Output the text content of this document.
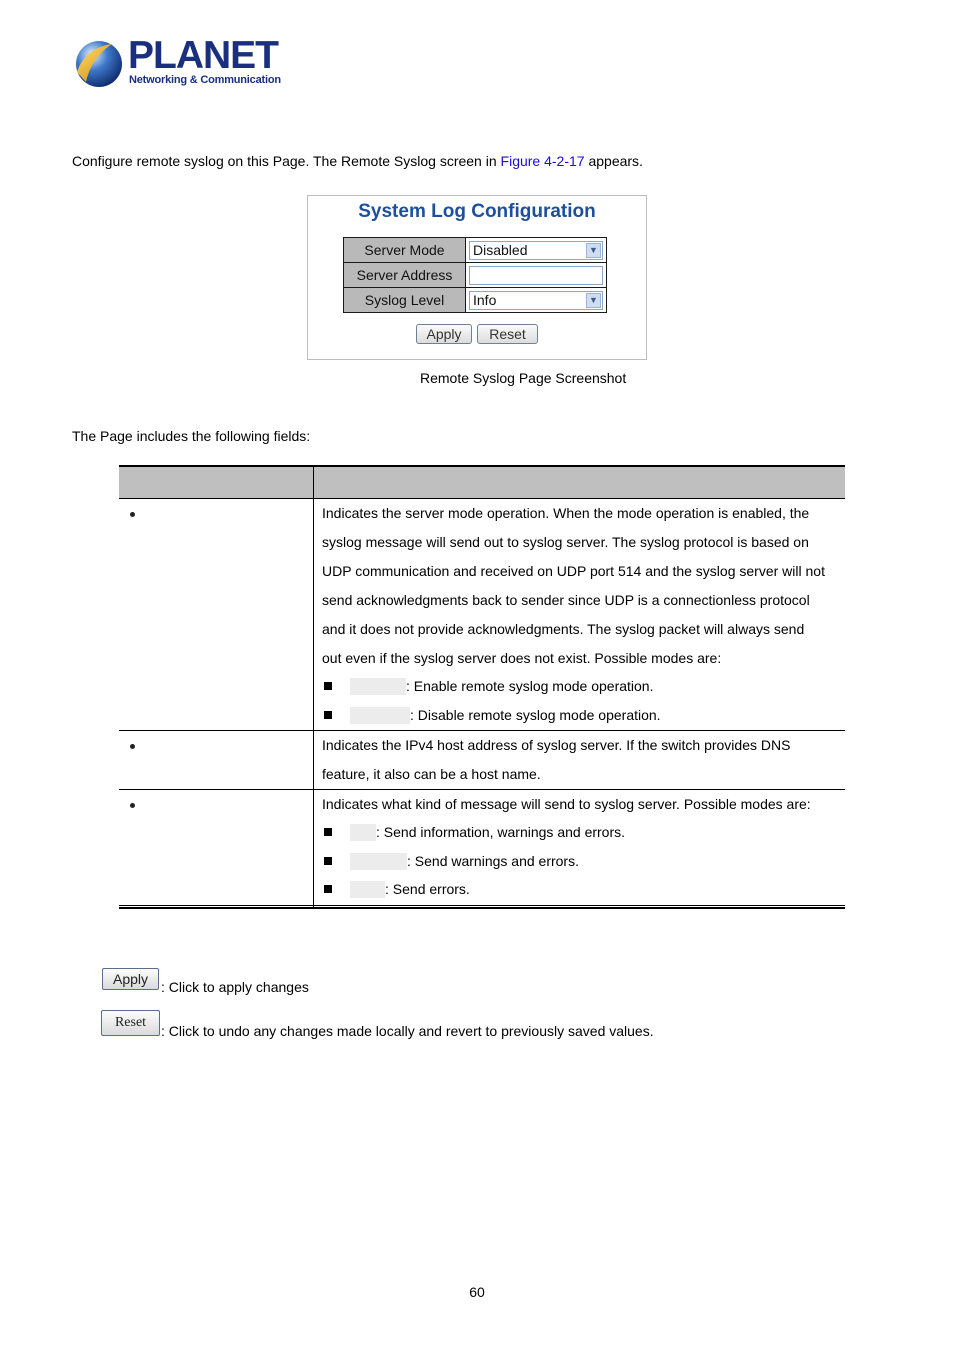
PLANET
Networking & Communication
Configure remote syslog on this Page. The Remote Syslog screen in Figure 4-2-17 appears.
System Log Configuration
Server Mode	Disabled ▼

Server Address	

Syslog Level	Info ▼
Apply	Reset
Remote Syslog Page Screenshot
The Page includes the following fields:
Indicates the server mode operation. When the mode operation is enabled, the
syslog message will send out to syslog server. The syslog protocol is based on
UDP communication and received on UDP port 514 and the syslog server will not
send acknowledgments back to sender since UDP is a connectionless protocol
and it does not provide acknowledgments. The syslog packet will always send
out even if the syslog server does not exist. Possible modes are:
: Enable remote syslog mode operation.
: Disable remote syslog mode operation.
Indicates the IPv4 host address of syslog server. If the switch provides DNS
feature, it also can be a host name.
Indicates what kind of message will send to syslog server. Possible modes are:
: Send information, warnings and errors.
: Send warnings and errors.
: Send errors.
Apply : Click to apply changes
Reset
: Click to undo any changes made locally and revert to previously saved values.
60
